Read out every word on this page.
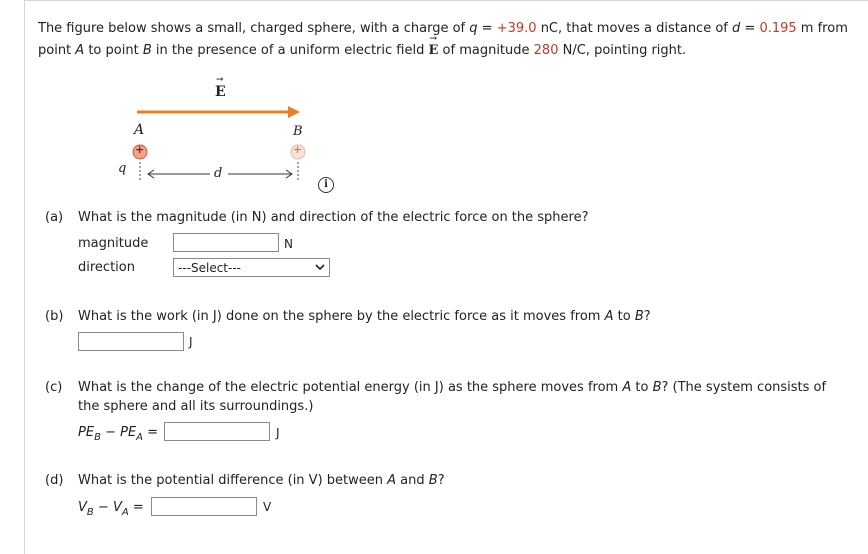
The figure below shows a small, charged sphere, with a charge of q = +39.0 nC, that moves a distance of d = 0.195 m from
point A to point B in the presence of a uniform electric field E
→
of magnitude 280 N/C, pointing right.
E
→
A	B
+	+
q	d
i
(a) What is the magnitude (in N) and direction of the electric force on the sphere?
magnitude	N
direction	---Select---
(b) What is the work (in J) done on the sphere by the electric force as it moves from A to B?
J
(c) What is the change of the electric potential energy (in J) as the sphere moves from A to B? (The system consists of
the sphere and all its surroundings.)
$PE_B - PE_A$ =	J
(d) What is the potential difference (in V) between A and B?
$V_B - V_A$ =	V
